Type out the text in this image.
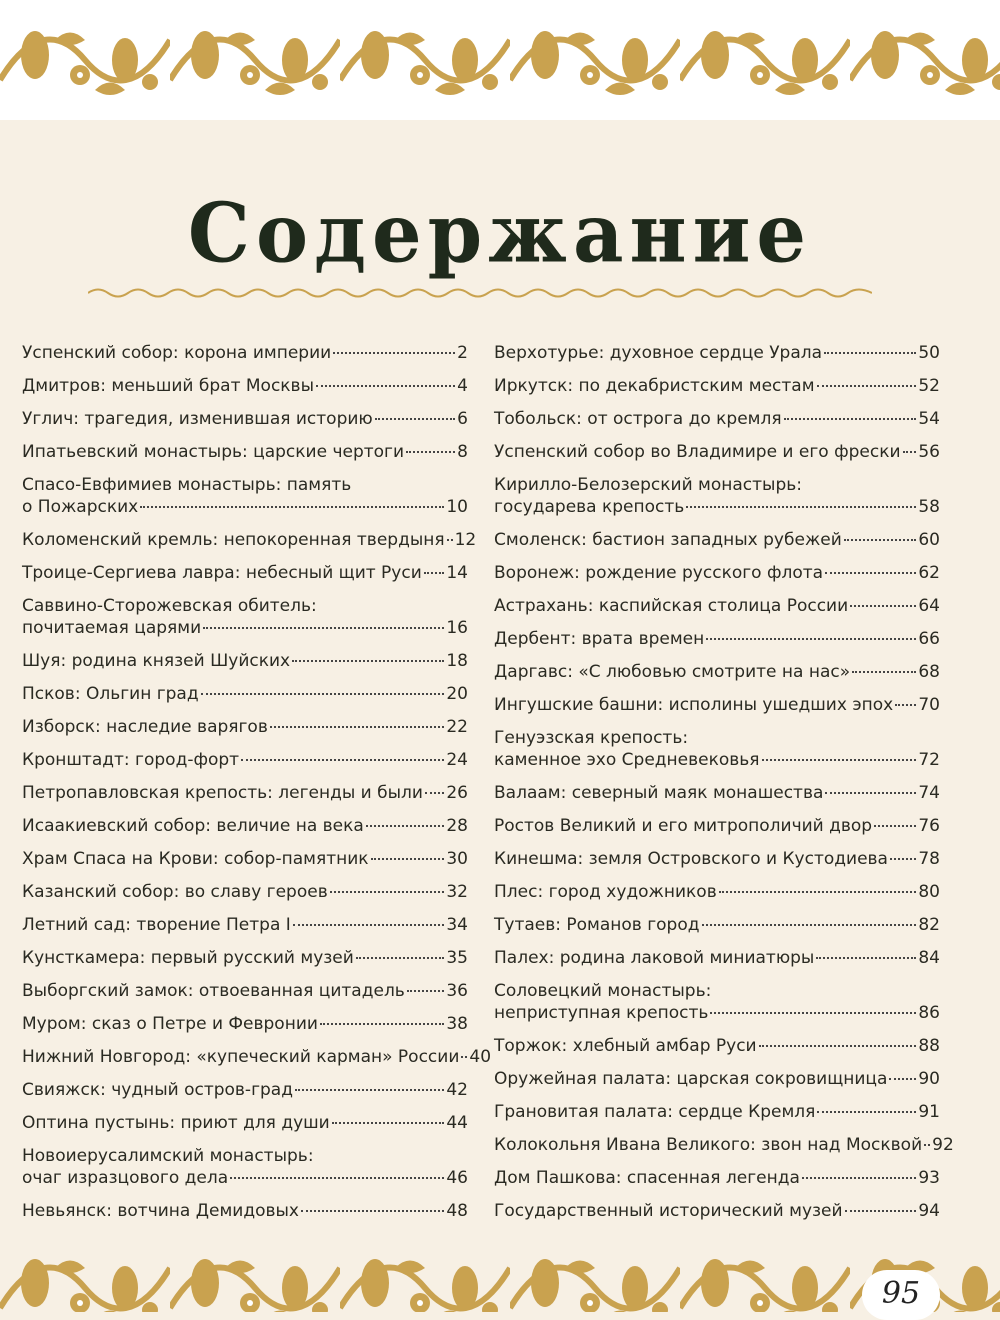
Содержание
Успенский собор: корона империи	2
Дмитров: меньший брат Москвы	4
Углич: трагедия, изменившая историю	6
Ипатьевский монастырь: царские чертоги	8
Спасо-Евфимиев монастырь: память
о Пожарских	10
Коломенский кремль: непокоренная твердыня 12
Троице-Сергиева лавра: небесный щит Руси 14
Саввино-Сторожевская обитель:
почитаемая царями	16
Шуя: родина князей Шуйских	18
Псков: Ольгин град	20
Изборск: наследие варягов	22
Кронштадт: город-форт	24
Петропавловская крепость: легенды и были 26
Исаакиевский собор: величие на века	28
Храм Спаса на Крови: собор-памятник	30
Казанский собор: во славу героев	32
Летний сад: творение Петра I	34
Кунсткамера: первый русский музей	35
Выборгский замок: отвоеванная цитадель 36
Муром: сказ о Петре и Февронии	38
Нижний Новгород: «купеческий карман» России 40
Свияжск: чудный остров-град	42
Оптина пустынь: приют для души	44
Новоиерусалимский монастырь:
очаг изразцового дела	46
Невьянск: вотчина Демидовых	48
Верхотурье: духовное сердце Урала	50
Иркутск: по декабристским местам	52
Тобольск: от острога до кремля	54
Успенский собор во Владимире и его фрески 56
Кирилло-Белозерский монастырь:
государева крепость	58
Смоленск: бастион западных рубежей	60
Воронеж: рождение русского флота	62
Астрахань: каспийская столица России	64
Дербент: врата времен	66
Даргавс: «С любовью смотрите на нас»	68
Ингушские башни: исполины ушедших эпох 70
Генуэзская крепость:
каменное эхо Средневековья	72
Валаам: северный маяк монашества	74
Ростов Великий и его митрополичий двор	76
Кинешма: земля Островского и Кустодиева 78
Плес: город художников	80
Тутаев: Романов город	82
Палех: родина лаковой миниатюры	84
Соловецкий монастырь:
неприступная крепость	86
Торжок: хлебный амбар Руси	88
Оружейная палата: царская сокровищница 90
Грановитая палата: сердце Кремля	91
Колокольня Ивана Великого: звон над Москвой 92
Дом Пашкова: спасенная легенда	93
Государственный исторический музей	94
95
